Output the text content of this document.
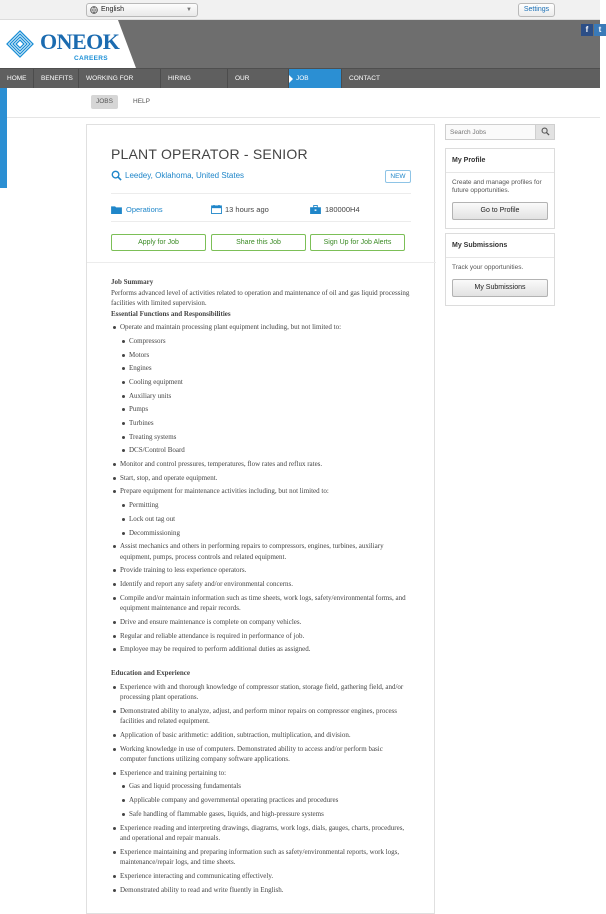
English	▼	Settings
ONEOK
CAREERS
f	t
HOME	BENEFITS	WORKING FOR	HIRING	OUR	JOB	CONTACT
JOBS	HELP
PLANT OPERATOR - SENIOR
Leedey, Oklahoma, United States	NEW
Operations	13 hours ago	180000H4
Apply for Job	Share this Job	Sign Up for Job Alerts
Job Summary

Performs advanced level of activities related to operation and maintenance of oil and gas liquid processing facilities with limited supervision.

Essential Functions and Responsibilities
Operate and maintain processing plant equipment including, but not limited to:
Compressors
Motors
Engines
Cooling equipment
Auxiliary units
Pumps
Turbines
Treating systems
DCS/Control Board
Monitor and control pressures, temperatures, flow rates and reflux rates.
Start, stop, and operate equipment.
Prepare equipment for maintenance activities including, but not limited to:
Permitting
Lock out tag out
Decommissioning
Assist mechanics and others in performing repairs to compressors, engines, turbines, auxiliary equipment, pumps, process controls and related equipment.
Provide training to less experience operators.
Identify and report any safety and/or environmental concerns.
Compile and/or maintain information such as time sheets, work logs, safety/environmental forms, and equipment maintenance and repair records.
Drive and ensure maintenance is complete on company vehicles.
Regular and reliable attendance is required in performance of job.
Employee may be required to perform additional duties as assigned.
Education and Experience
Experience with and thorough knowledge of compressor station, storage field, gathering field, and/or processing plant operations.
Demonstrated ability to analyze, adjust, and perform minor repairs on compressor engines, process facilities and related equipment.
Application of basic arithmetic: addition, subtraction, multiplication, and division.
Working knowledge in use of computers. Demonstrated ability to access and/or perform basic computer functions utilizing company software applications.
Experience and training pertaining to:
Gas and liquid processing fundamentals
Applicable company and governmental operating practices and procedures
Safe handling of flammable gases, liquids, and high-pressure systems
Experience reading and interpreting drawings, diagrams, work logs, dials, gauges, charts, procedures, and operational and repair manuals.
Experience maintaining and preparing information such as safety/environmental reports, work logs, maintenance/repair logs, and time sheets.
Experience interacting and communicating effectively.
Demonstrated ability to read and write fluently in English.
Search Jobs
My Profile
Create and manage profiles for future opportunities.
Go to Profile
My Submissions
Track your opportunities.
My Submissions
